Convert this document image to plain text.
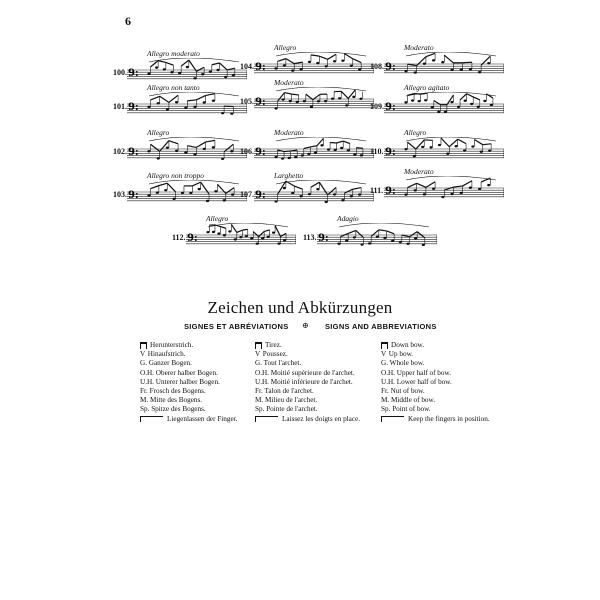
6
Allegro moderato
100. 9:
Allegro non tanto
101. 9:
Allegro
102. 9:
Allegro non troppo
103. 9:
Allegro
104. 9:
Moderato
105. 9:
Moderato
106. 9:
Larghetto
107. 9:
Moderato
108. 9:
Allegro agitato
109. 9:
Allegro
110. 9:
Moderato
111. 9:
Allegro
112. 9:
Adagio
113. 9:
Zeichen und Abkürzungen
SIGNES ET ABRÉVIATIONS ⊕ SIGNS AND ABBREVIATIONS
Herunterstrich.
V Hinaufstrich.
G. Ganzer Bogen.
O.H. Oberer halber Bogen.
U.H. Unterer halber Bogen.
Fr. Frosch des Bogens.
M. Mitte des Bogens.
Sp. Spitze des Bogens.
Liegenlassen der Finger.
Tirez.
V Poussez.
G. Tout l'archet.
O.H. Moitié supérieure de l'archet.
U.H. Moitié inférieure de l'archet.
Fr. Talon de l'archet.
M. Milieu de l'archet.
Sp. Pointe de l'archet.
Laissez les doigts en place.
Down bow.
V Up bow.
G. Whole bow.
O.H. Upper half of bow.
U.H. Lower half of bow.
Fr. Nut of bow.
M. Middle of bow.
Sp. Point of bow.
Keep the fingers in position.
